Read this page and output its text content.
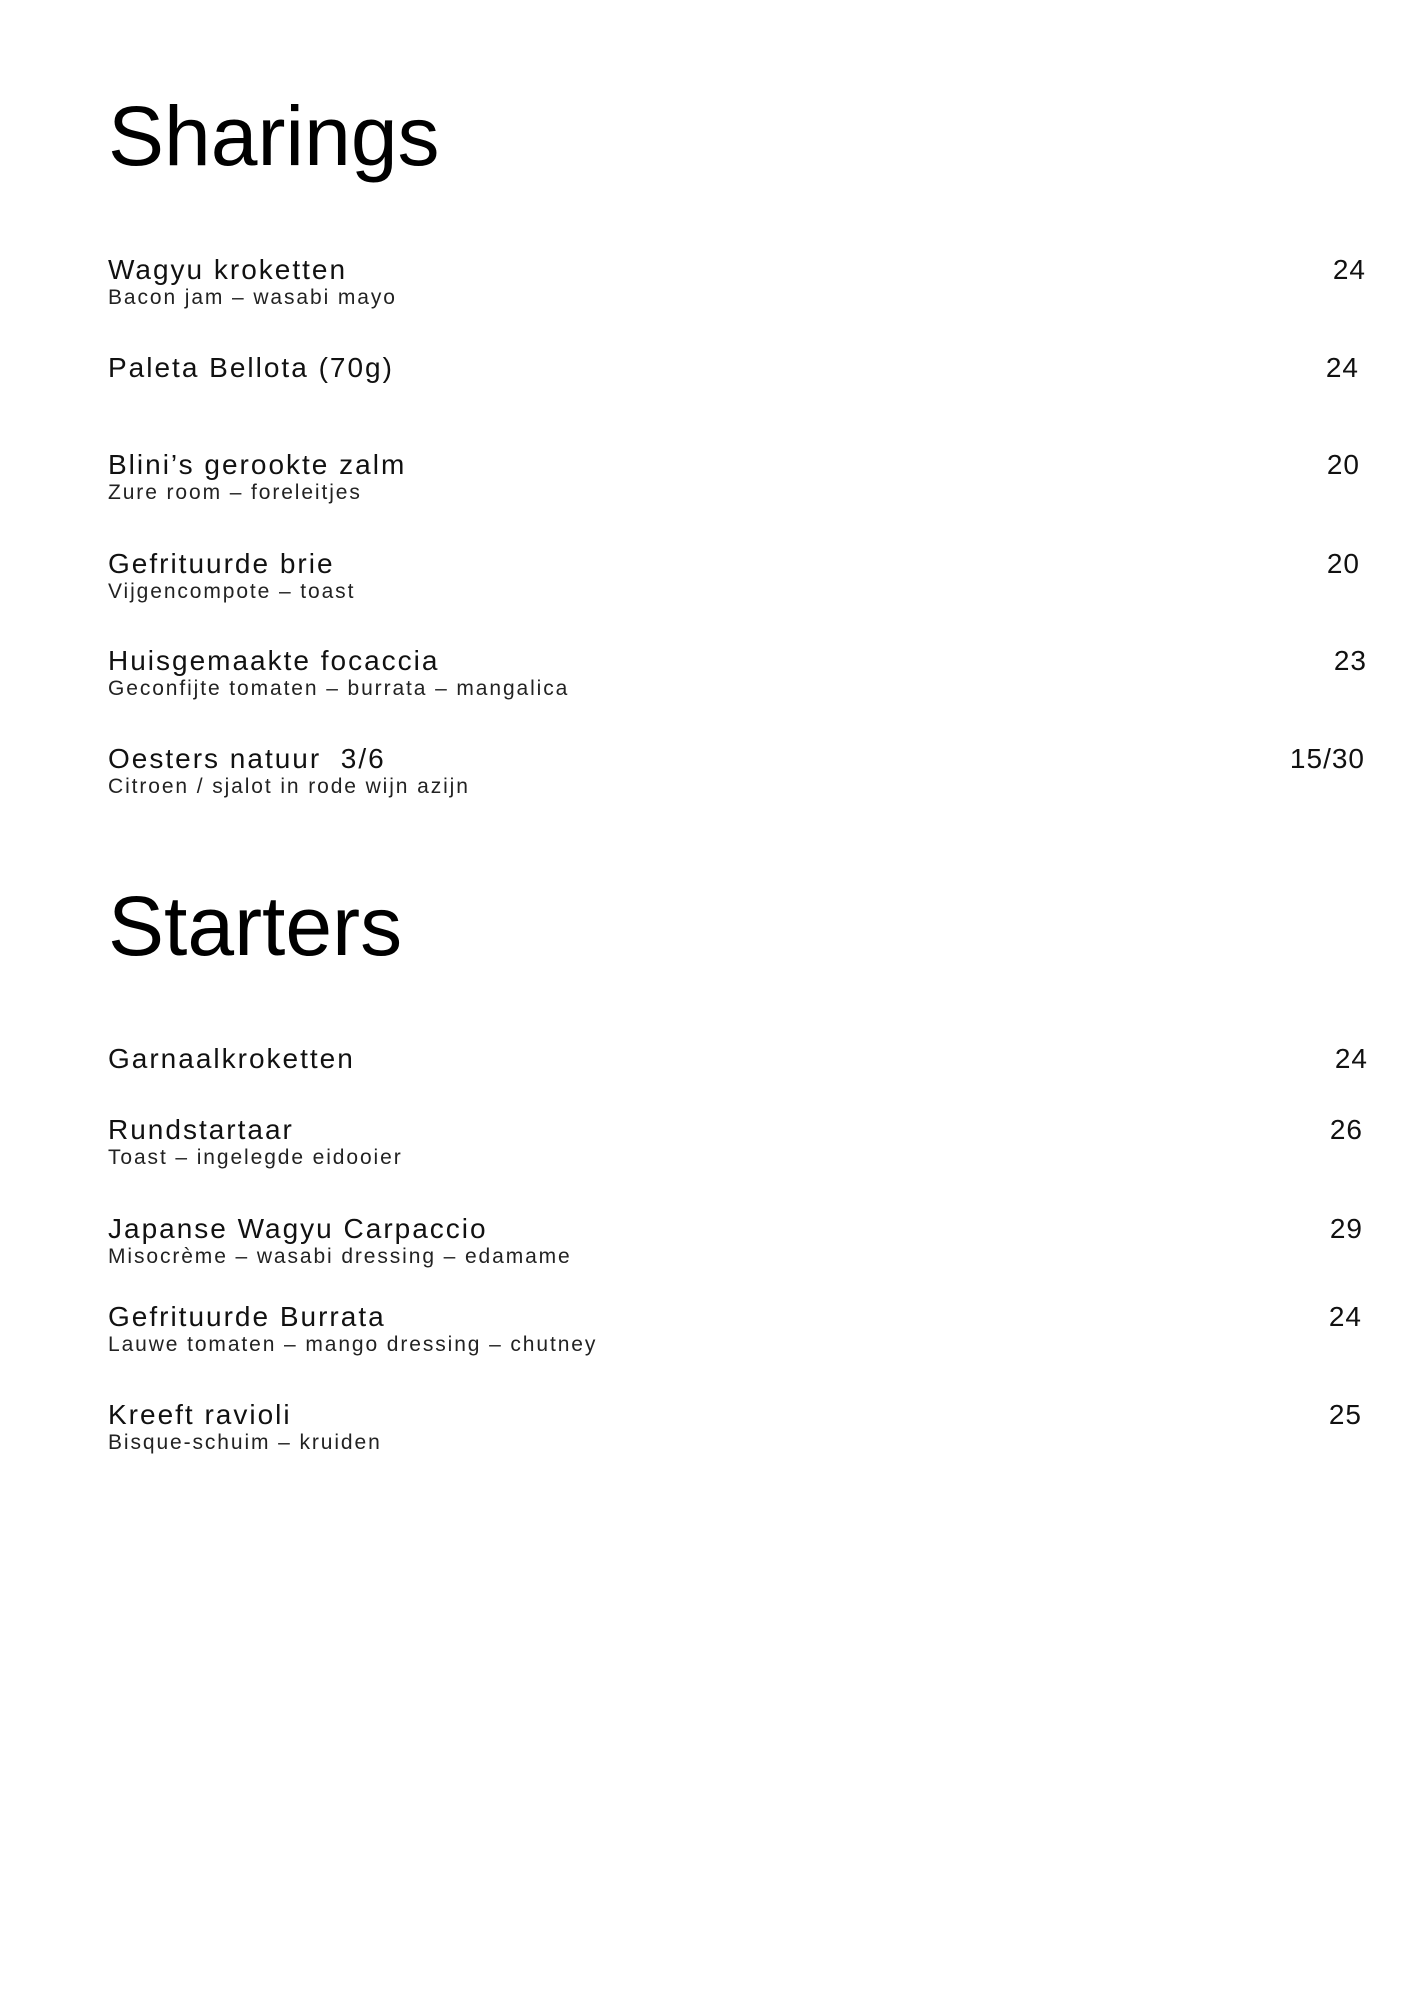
Sharings
Wagyu kroketten
Bacon jam – wasabi mayo
24
Paleta Bellota (70g)	24
Blini’s gerookte zalm
Zure room – foreleitjes
20
Gefrituurde brie
Vijgencompote – toast
20
Huisgemaakte focaccia
Geconfijte tomaten – burrata – mangalica
23
Oesters natuur  3/6
Citroen / sjalot in rode wijn azijn
15/30
Starters
Garnaalkroketten	24
Rundstartaar
Toast – ingelegde eidooier
26
Japanse Wagyu Carpaccio
Misocrème – wasabi dressing – edamame
29
Gefrituurde Burrata
Lauwe tomaten – mango dressing – chutney
24
Kreeft ravioli
Bisque-schuim – kruiden
25
